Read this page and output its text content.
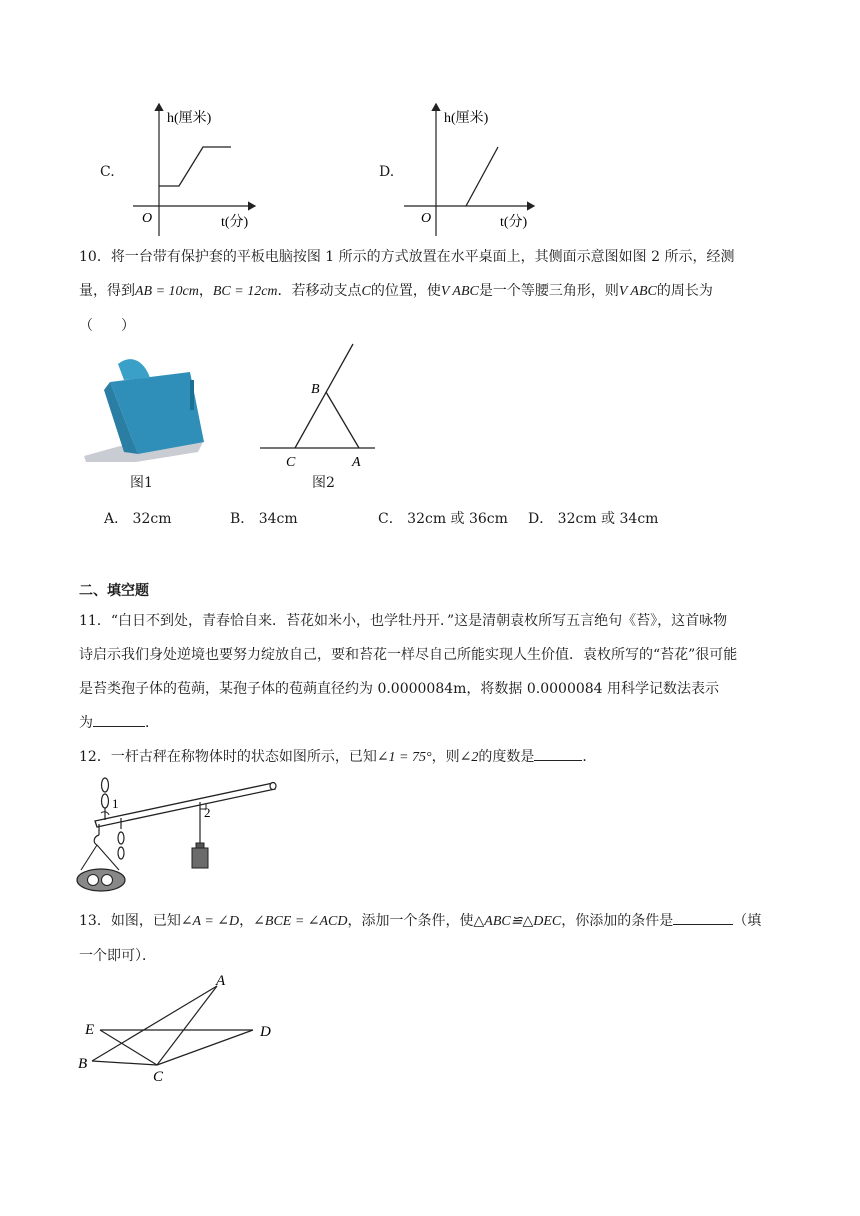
C.
h(厘米)
O	t(分)
D.
h(厘米)
O	t(分)
10．将一台带有保护套的平板电脑按图 1 所示的方式放置在水平桌面上，其侧面示意图如图 2 所示，经测
量，得到AB = 10cm，BC = 12cm．若移动支点C的位置，使V ABC是一个等腰三角形，则V ABC的周长为
（　　）
图1
B
C	A
图2
A． 32cm	B． 34cm	C． 32cm 或 36cm D． 32cm 或 34cm
二、填空题
11．“白日不到处，青春恰自来．苔花如米小，也学牡丹开．”这是清朝袁枚所写五言绝句《苔》，这首咏物
诗启示我们身处逆境也要努力绽放自己，要和苔花一样尽自己所能实现人生价值．袁枚所写的“苔花”很可能
是苔类孢子体的苞蒴，某孢子体的苞蒴直径约为 0.0000084m，将数据 0.0000084 用科学记数法表示
为	．
12．一杆古秤在称物体时的状态如图所示，已知∠1 = 75°，则∠2的度数是	．
1
2
13．如图，已知∠A = ∠D，∠BCE = ∠ACD，添加一个条件，使△ABC≌△DEC，你添加的条件是	（填
一个即可）．
A
E	D
B
C
